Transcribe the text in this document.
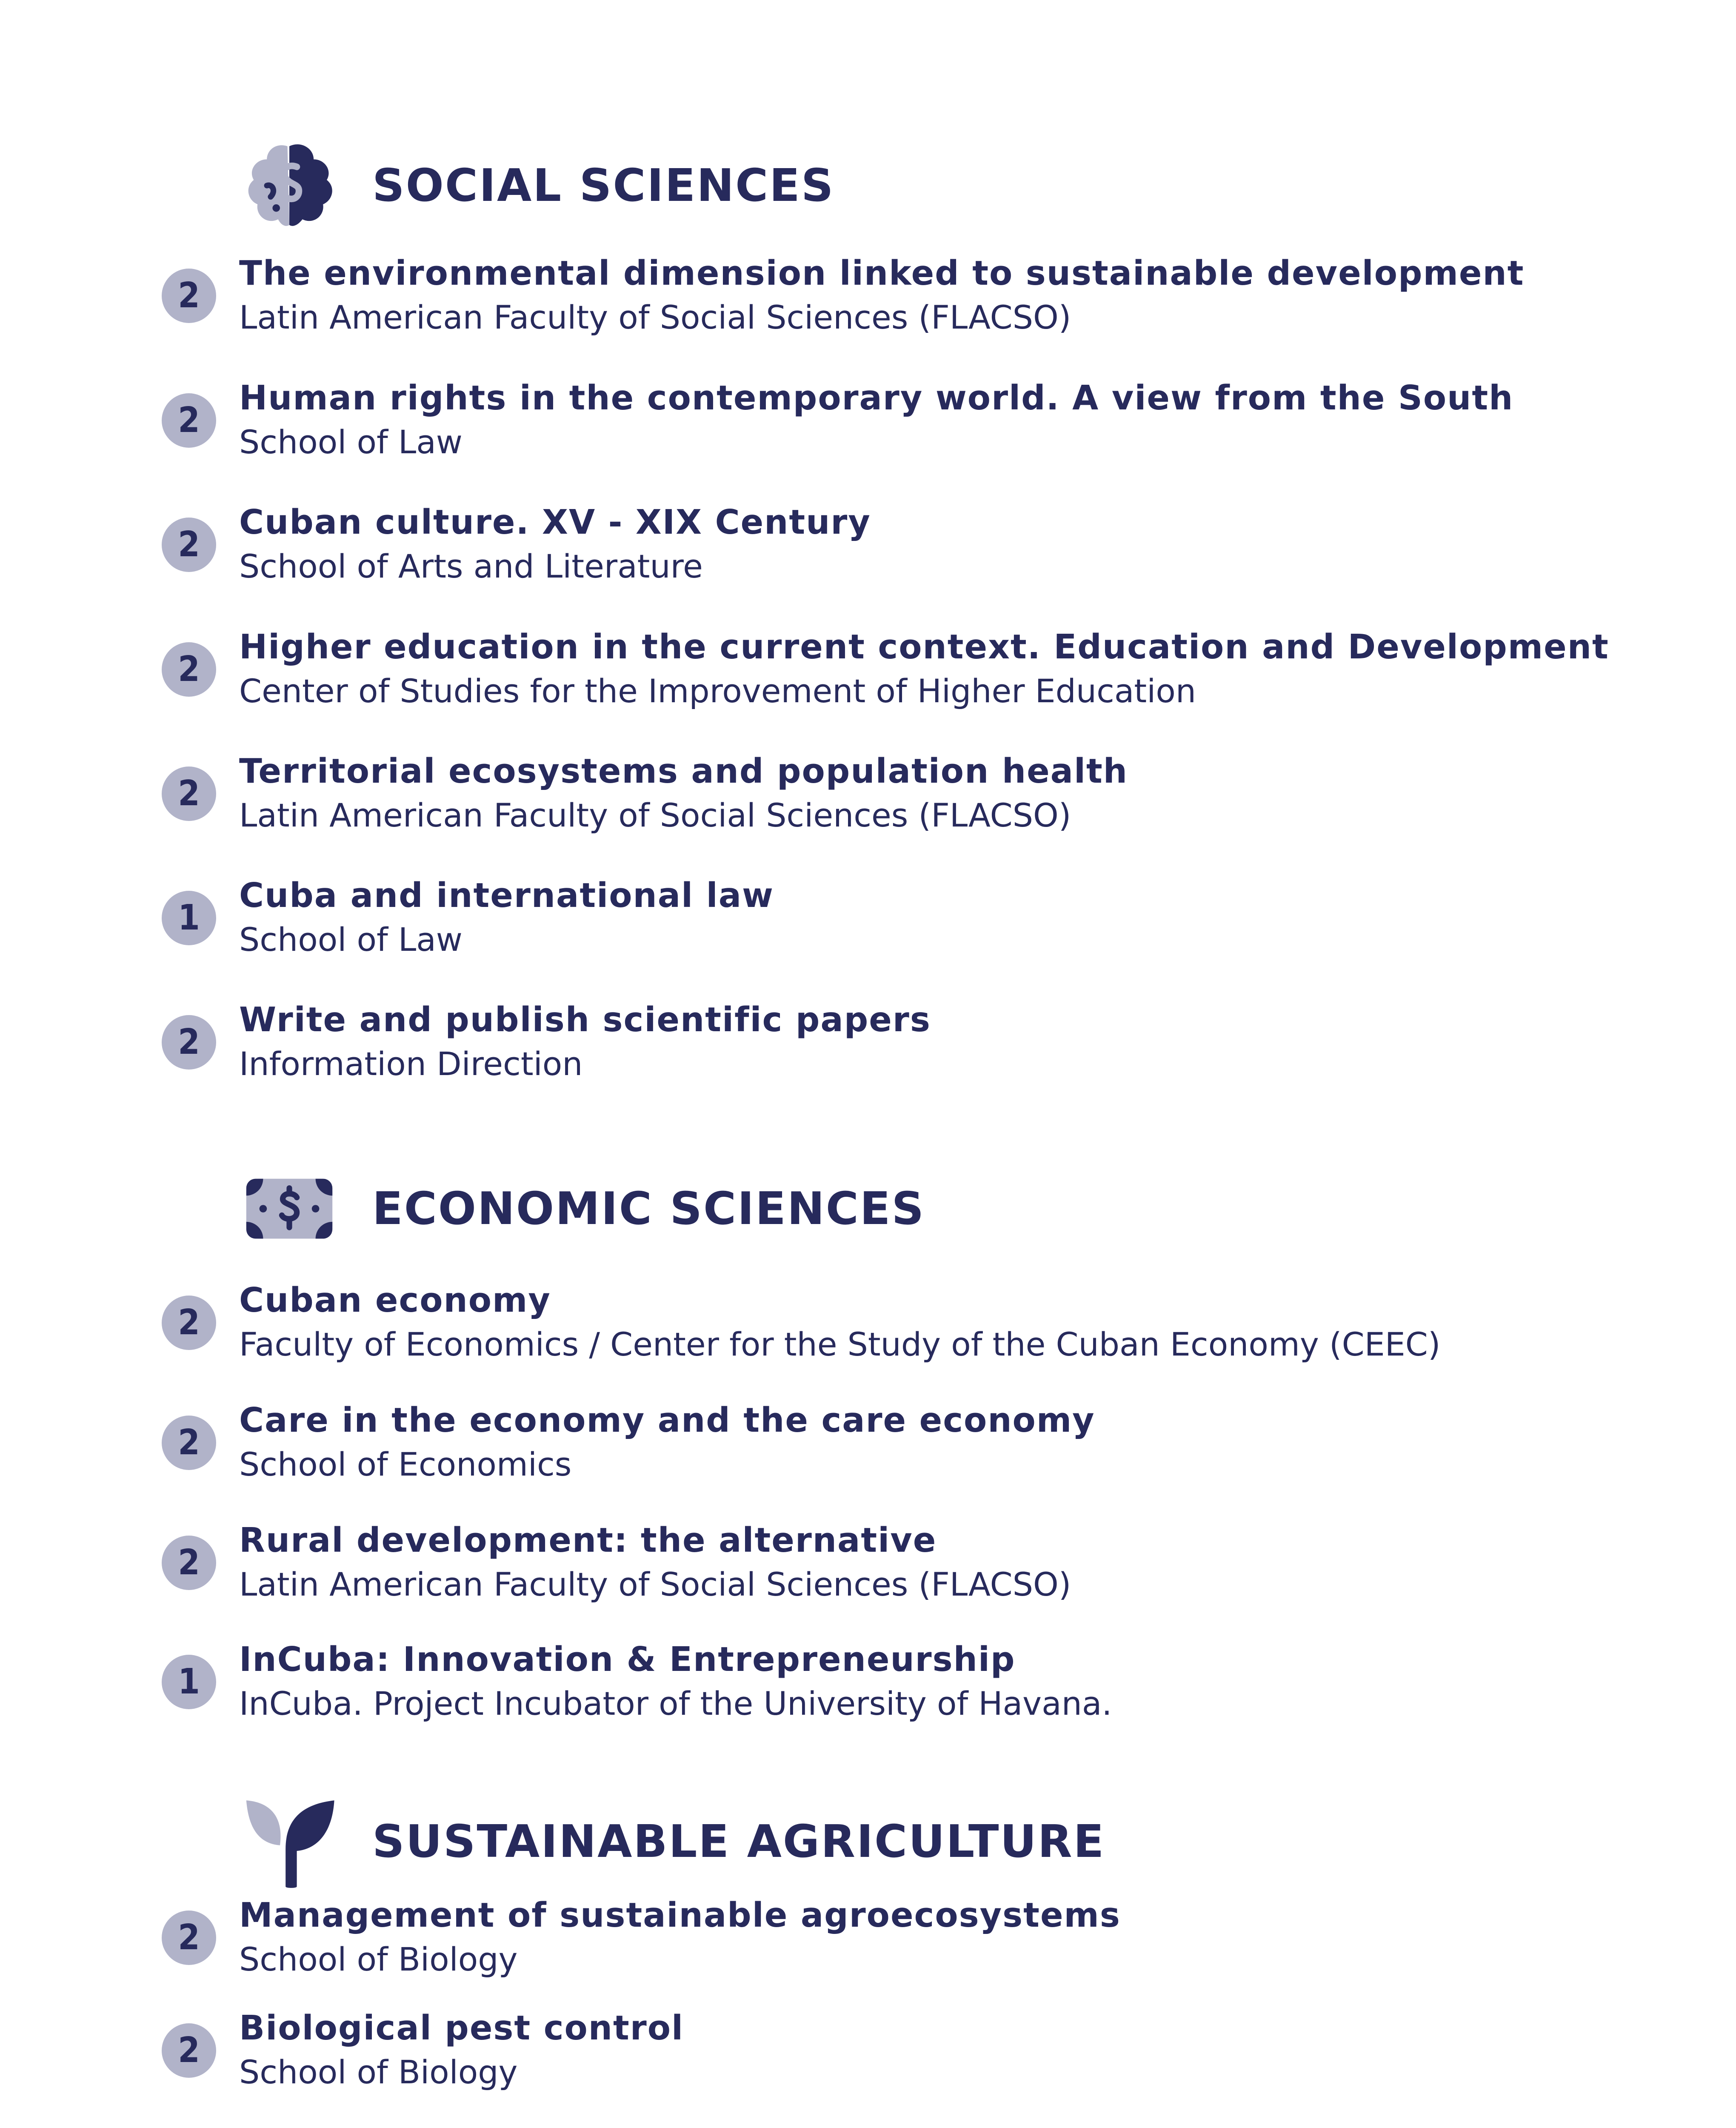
SOCIAL SCIENCES
2
The environmental dimension linked to sustainable development
Latin American Faculty of Social Sciences (FLACSO)
2
Human rights in the contemporary world. A view from the South
School of Law
2
Cuban culture. XV - XIX Century
School of Arts and Literature
2
Higher education in the current context. Education and Development
Center of Studies for the Improvement of Higher Education
2
Territorial ecosystems and population health
Latin American Faculty of Social Sciences (FLACSO)
1
Cuba and international law
School of Law
2
Write and publish scientific papers
Information Direction
ECONOMIC SCIENCES
2
Cuban economy
Faculty of Economics / Center for the Study of the Cuban Economy (CEEC)
2
Care in the economy and the care economy
School of Economics
2
Rural development: the alternative
Latin American Faculty of Social Sciences (FLACSO)
1
InCuba: Innovation & Entrepreneurship
InCuba. Project Incubator of the University of Havana.
SUSTAINABLE AGRICULTURE
2
Management of sustainable agroecosystems
School of Biology
2
Biological pest control
School of Biology
